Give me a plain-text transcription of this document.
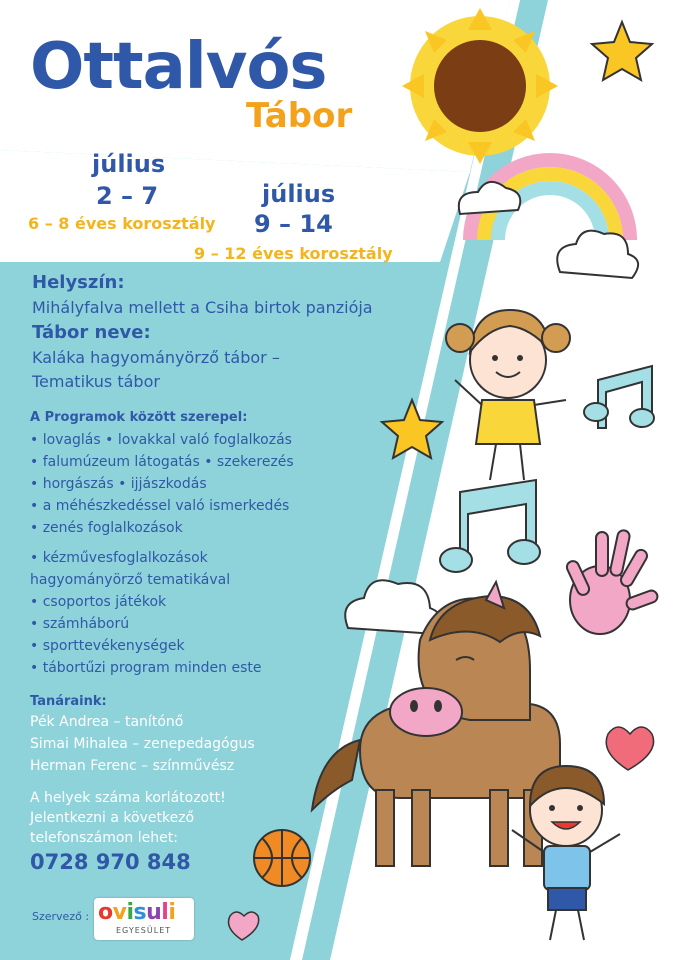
Ottalvós
Tábor
július
2 – 7
6 – 8 éves korosztály
július
9 – 14
9 – 12 éves korosztály
Helyszín:
Mihályfalva mellett a Csiha birtok panziója
Tábor neve:
Kaláka hagyományörző tábor –
Tematikus tábor
A Programok között szerepel:
• lovaglás • lovakkal való foglalkozás
• falumúzeum látogatás • szekerezés
• horgászás • ijjászkodás
• a méhészkedéssel való ismerkedés
• zenés foglalkozások
• kézművesfoglalkozások
hagyományörző tematikával
• csoportos játékok
• számháború
• sporttevékenységek
• tábortűzi program minden este
Tanáraink:
Pék Andrea – tanítónő
Simai Mihalea – zenepedagógus
Herman Ferenc – színművész
A helyek száma korlátozott!
Jelentkezni a következő
telefonszámon lehet:
0728 970 848
Szervező : ovisuli
EGYESÜLET
